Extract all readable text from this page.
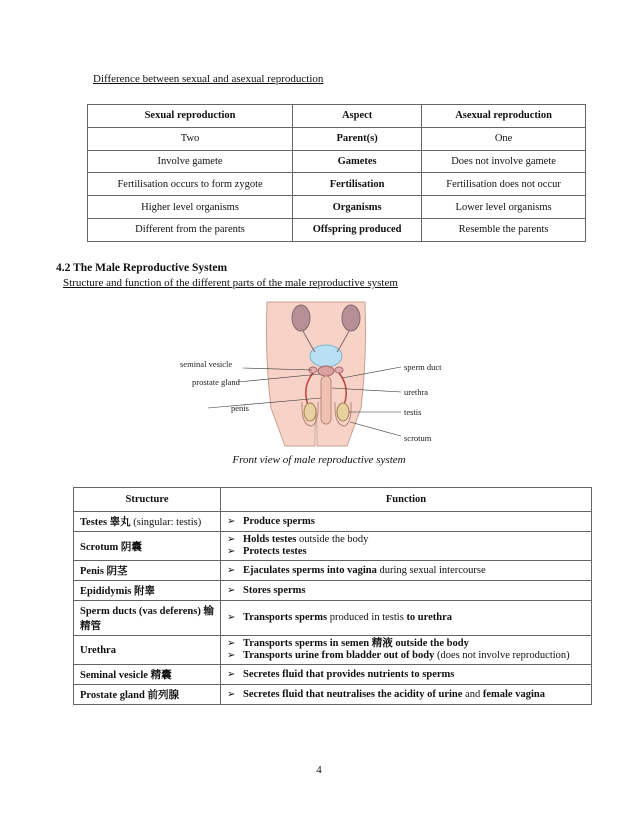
Difference between sexual and asexual reproduction
Sexual reproduction	Aspect	Asexual reproduction
Two	Parent(s)	One
Involve gamete	Gametes	Does not involve gamete
Fertilisation occurs to form zygote	Fertilisation	Fertilisation does not occur
Higher level organisms	Organisms	Lower level organisms
Different from the parents	Offspring produced	Resemble the parents
4.2 The Male Reproductive System
Structure and function of the different parts of the male reproductive system
seminal vesicle
prostate gland
penis
sperm duct
urethra
testis
scrotum
Front view of male reproductive system
Structure	Function
Testes 睾丸 (singular: testis)	➢ Produce sperms

Scrotum 阴囊	➢ Holds testes outside the body
➢ Protects testes

Penis 阴茎	➢ Ejaculates sperms into vagina during sexual intercourse

Epididymis 附睾	➢ Stores sperms

Sperm ducts (vas deferens) 输精管	➢ Transports sperms produced in testis to urethra

Urethra	➢ Transports sperms in semen 精液 outside the body
➢ Transports urine from bladder out of body (does not involve reproduction)

Seminal vesicle 精囊	➢ Secretes fluid that provides nutrients to sperms

Prostate gland 前列腺	➢ Secretes fluid that neutralises the acidity of urine and female vagina
4
